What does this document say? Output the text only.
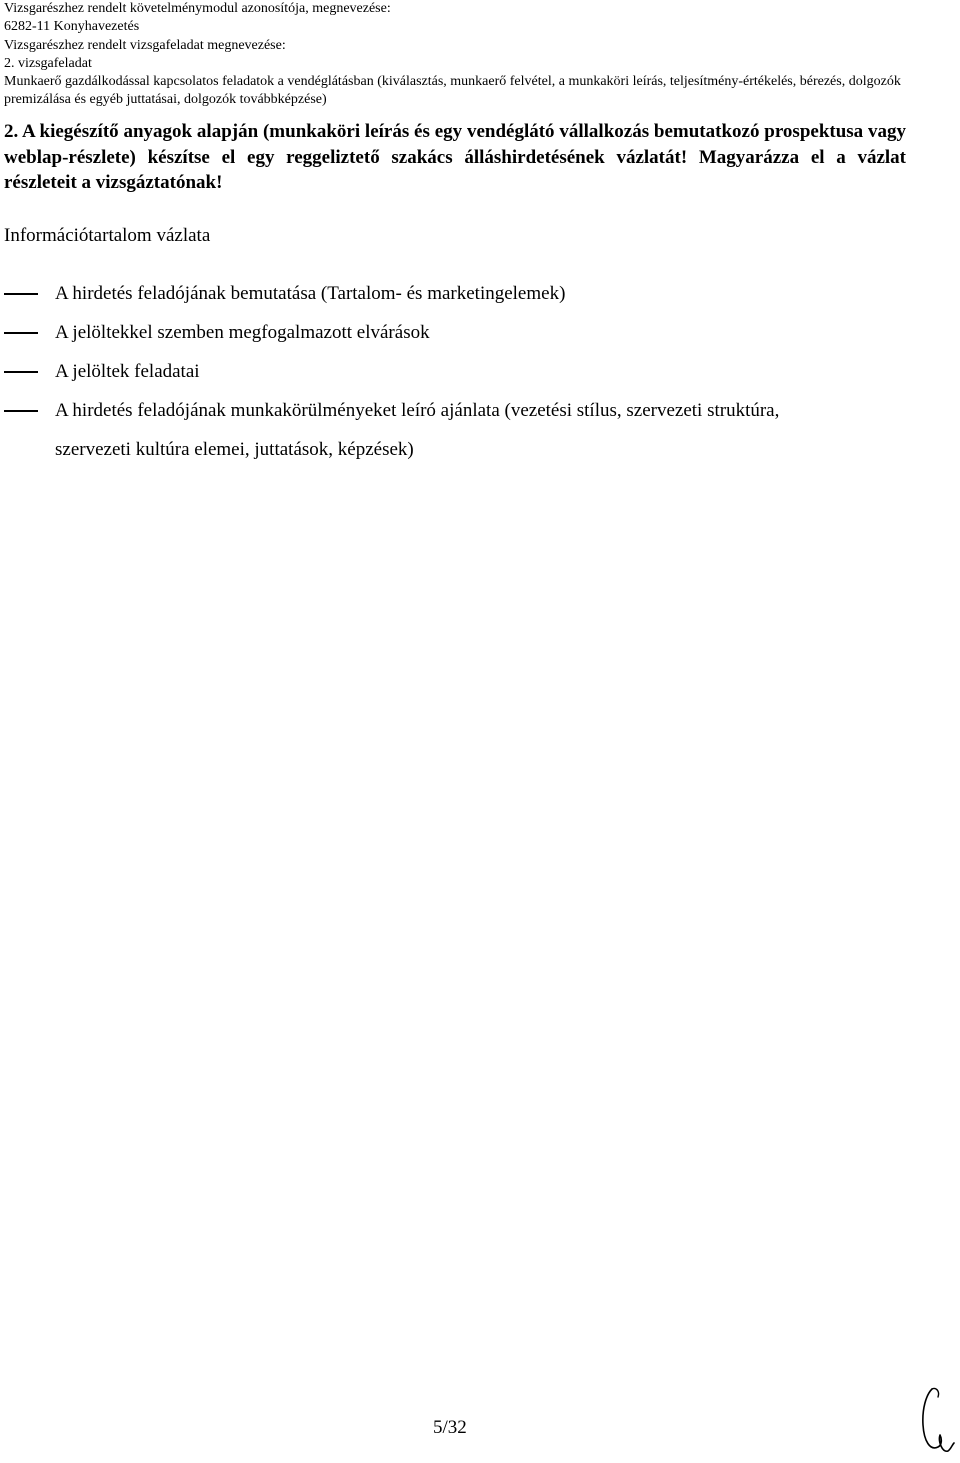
Vizsgarészhez rendelt követelménymodul azonosítója, megnevezése:
6282-11 Konyhavezetés
Vizsgarészhez rendelt vizsgafeladat megnevezése:
2. vizsgafeladat
Munkaerő gazdálkodással kapcsolatos feladatok a vendéglátásban (kiválasztás, munkaerő felvétel, a munkaköri leírás, teljesítmény-értékelés, bérezés, dolgozók premizálása és egyéb juttatásai, dolgozók továbbképzése)
2. A kiegészítő anyagok alapján (munkaköri leírás és egy vendéglátó vállalkozás bemutatkozó prospektusa vagy weblap-részlete) készítse el egy reggeliztető szakács álláshirdetésének vázlatát! Magyarázza el a vázlat részleteit a vizsgáztatónak!
Információtartalom vázlata
A hirdetés feladójának bemutatása (Tartalom- és marketingelemek)
A jelöltekkel szemben megfogalmazott elvárások
A jelöltek feladatai
A hirdetés feladójának munkakörülményeket leíró ajánlata (vezetési stílus, szervezeti struktúra, szervezeti kultúra elemei, juttatások, képzések)
5/32
